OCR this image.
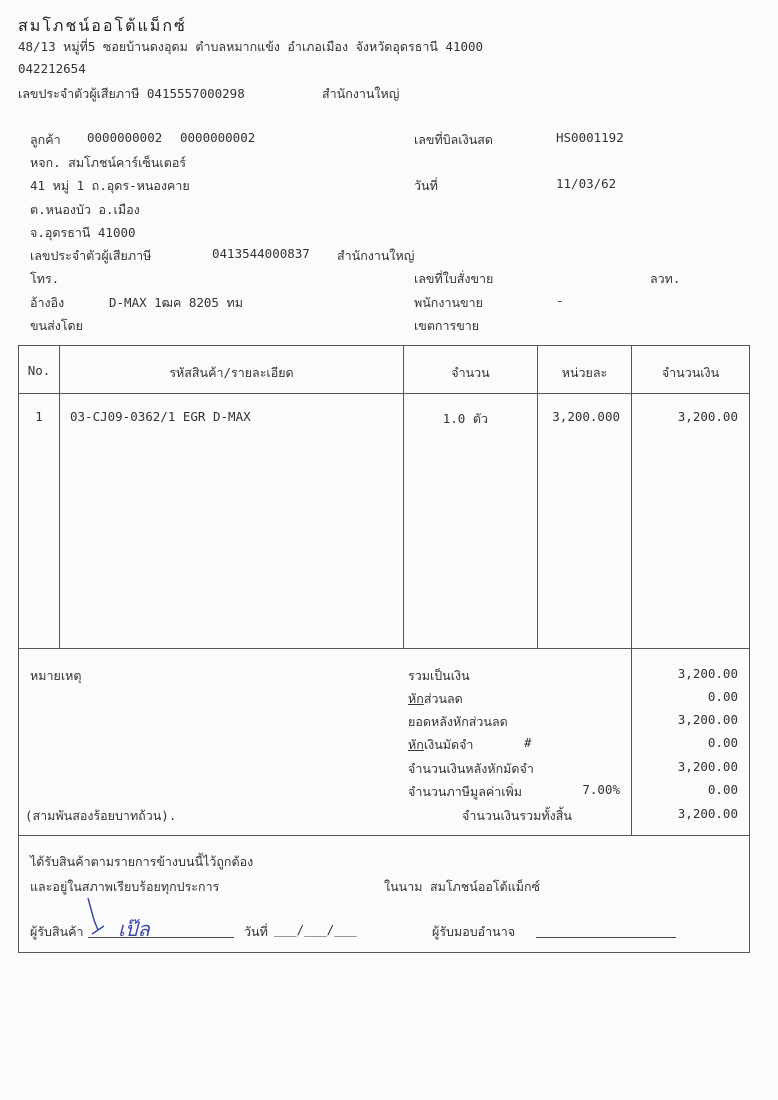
สมโภชน์ออโต้แม็กซ์
48/13 หมู่ที่5 ซอยบ้านดงอุดม ตำบลหมากแข้ง อำเภอเมือง จังหวัดอุดรธานี 41000
042212654
เลขประจำตัวผู้เสียภาษี 0415557000298	สำนักงานใหญ่
ลูกค้า 0000000002 0000000002
หจก. สมโภชน์คาร์เซ็นเตอร์
41 หมู่ 1 ถ.อุดร-หนองคาย
ต.หนองบัว อ.เมือง
จ.อุดรธานี 41000
เลขประจำตัวผู้เสียภาษี	0413544000837 สำนักงานใหญ่
โทร.
อ้างอิง	D-MAX 1ฒค 8205 ทม
ขนส่งโดย
เลขที่บิลเงินสด	HS0001192
วันที่	11/03/62
เลขที่ใบสั่งขาย	ลวท.
พนักงานขาย	-
เขตการขาย
No.	รหัสสินค้า/รายละเอียด	จำนวน	หน่วยละ	จำนวนเงิน
1	03-CJ09-0362/1 EGR D-MAX	1.0 ตัว	3,200.000	3,200.00
หมายเหตุ	รวมเป็นเงิน	3,200.00
หักส่วนลด	0.00
ยอดหลังหักส่วนลด	3,200.00
หักเงินมัดจำ	#	0.00
จำนวนเงินหลังหักมัดจำ	3,200.00
จำนวนภาษีมูลค่าเพิ่ม	7.00%	0.00
(สามพันสองร้อยบาทถ้วน).	จำนวนเงินรวมทั้งสิ้น	3,200.00
ได้รับสินค้าตามรายการข้างบนนี้ไว้ถูกต้อง
และอยู่ในสภาพเรียบร้อยทุกประการ	ในนาม สมโภชน์ออโต้แม็กซ์
ผู้รับสินค้า เป๊ล	วันที่ ___/___/___	ผู้รับมอบอำนาจ
